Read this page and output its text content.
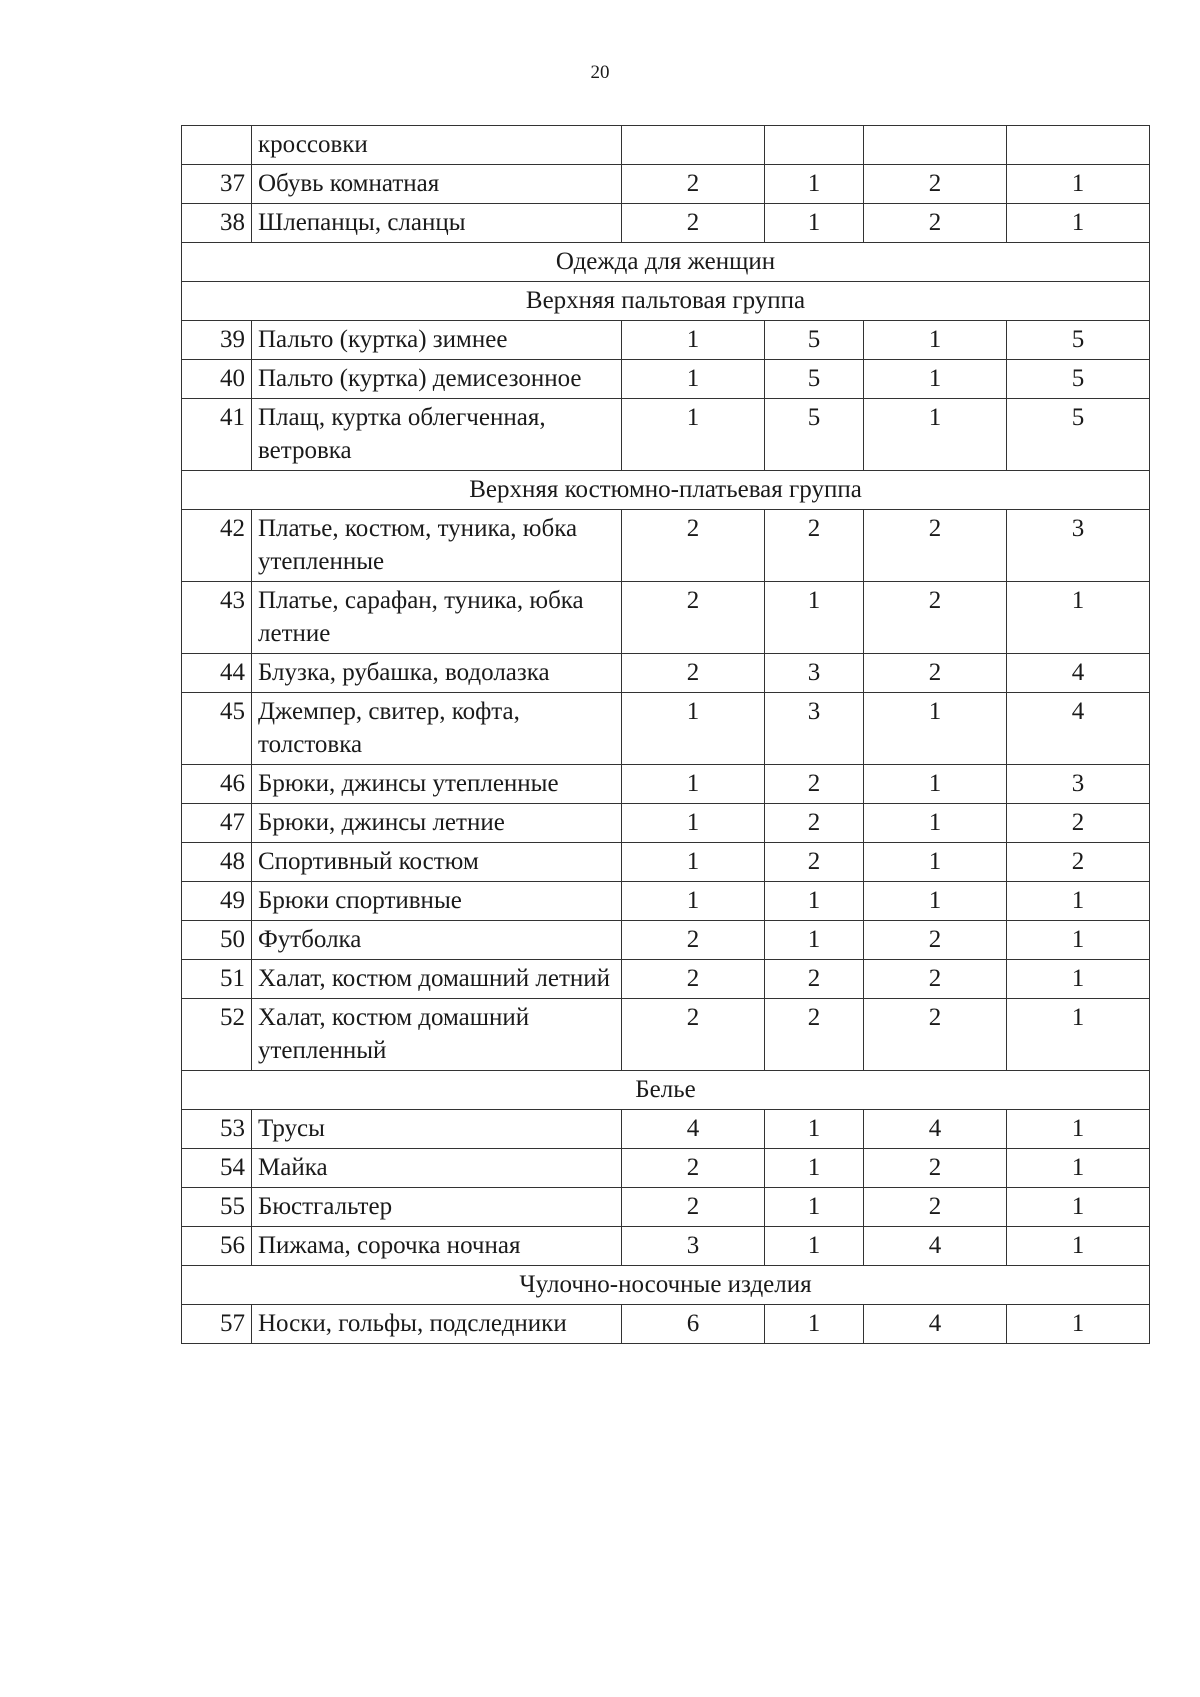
20
	кроссовки				
37	Обувь комнатная	2	1	2	1
38	Шлепанцы, сланцы	2	1	2	1
Одежда для женщин					
Верхняя пальтовая группа					
39	Пальто (куртка) зимнее	1	5	1	5
40	Пальто (куртка) демисезонное	1	5	1	5
41	Плащ, куртка облегченная, ветровка	1	5	1	5
Верхняя костюмно-платьевая группа					
42	Платье, костюм, туника, юбка утепленные	2	2	2	3
43	Платье, сарафан, туника, юбка летние	2	1	2	1
44	Блузка, рубашка, водолазка	2	3	2	4
45	Джемпер, свитер, кофта, толстовка	1	3	1	4
46	Брюки, джинсы утепленные	1	2	1	3
47	Брюки, джинсы летние	1	2	1	2
48	Спортивный костюм	1	2	1	2
49	Брюки спортивные	1	1	1	1
50	Футболка	2	1	2	1
51	Халат, костюм домашний летний	2	2	2	1
52	Халат, костюм домашний утепленный	2	2	2	1
Белье					
53	Трусы	4	1	4	1
54	Майка	2	1	2	1
55	Бюстгальтер	2	1	2	1
56	Пижама, сорочка ночная	3	1	4	1
Чулочно-носочные изделия					
57	Носки, гольфы, подследники	6	1	4	1
